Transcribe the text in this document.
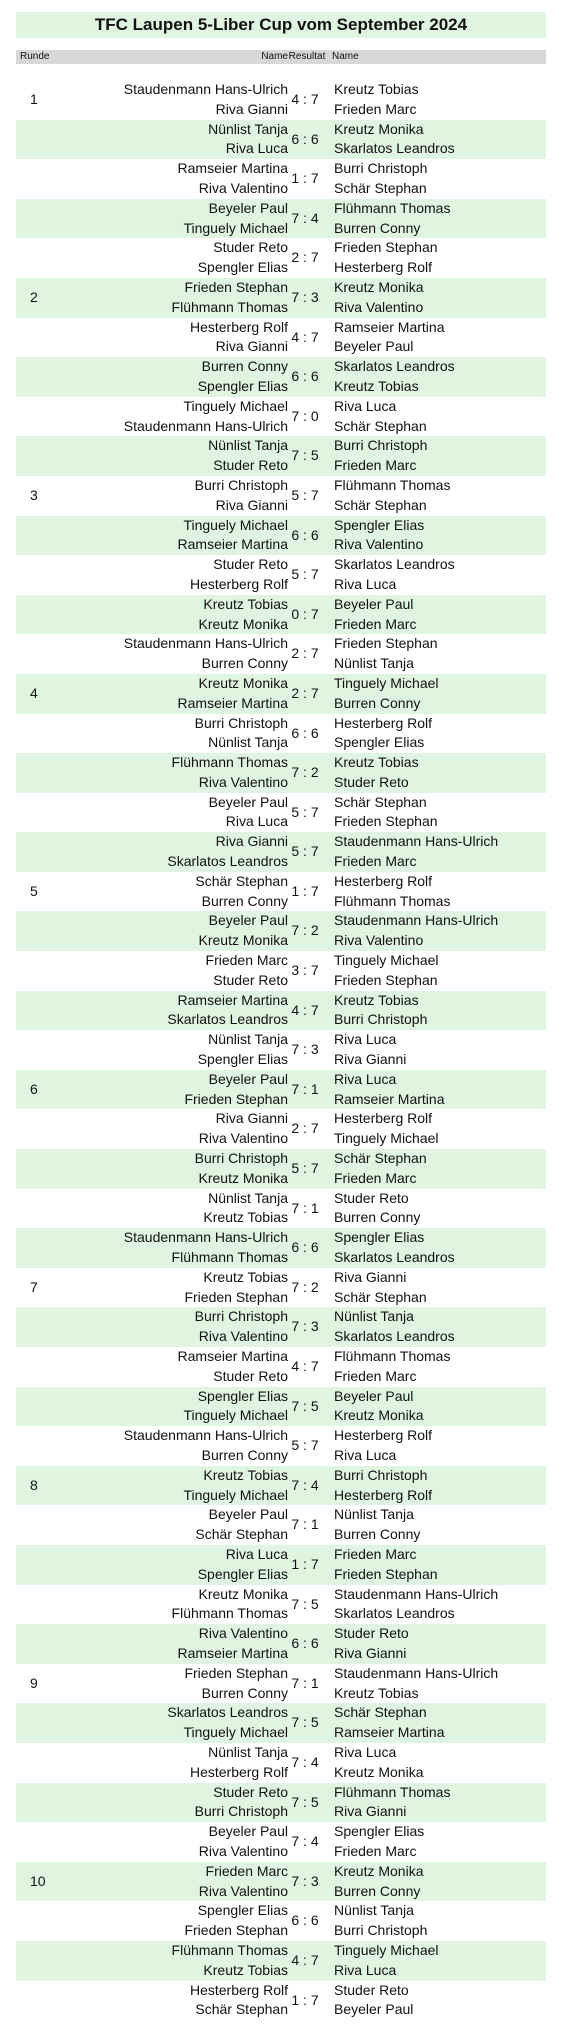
TFC Laupen 5-Liber Cup vom September 2024
Runde	Name Resultat Name
1
Staudenmann Hans-Ulrich
Riva Gianni
4 : 7
Kreutz Tobias
Frieden Marc
Nünlist Tanja
Riva Luca
6 : 6
Kreutz Monika
Skarlatos Leandros
Ramseier Martina
Riva Valentino
1 : 7
Burri Christoph
Schär Stephan
Beyeler Paul
Tinguely Michael
7 : 4
Flühmann Thomas
Burren Conny
Studer Reto
Spengler Elias
2 : 7
Frieden Stephan
Hesterberg Rolf
2
Frieden Stephan
Flühmann Thomas
7 : 3
Kreutz Monika
Riva Valentino
Hesterberg Rolf
Riva Gianni
4 : 7
Ramseier Martina
Beyeler Paul
Burren Conny
Spengler Elias
6 : 6
Skarlatos Leandros
Kreutz Tobias
Tinguely Michael
Staudenmann Hans-Ulrich
7 : 0
Riva Luca
Schär Stephan
Nünlist Tanja
Studer Reto
7 : 5
Burri Christoph
Frieden Marc
3
Burri Christoph
Riva Gianni
5 : 7
Flühmann Thomas
Schär Stephan
Tinguely Michael
Ramseier Martina
6 : 6
Spengler Elias
Riva Valentino
Studer Reto
Hesterberg Rolf
5 : 7
Skarlatos Leandros
Riva Luca
Kreutz Tobias
Kreutz Monika
0 : 7
Beyeler Paul
Frieden Marc
Staudenmann Hans-Ulrich
Burren Conny
2 : 7
Frieden Stephan
Nünlist Tanja
4
Kreutz Monika
Ramseier Martina
2 : 7
Tinguely Michael
Burren Conny
Burri Christoph
Nünlist Tanja
6 : 6
Hesterberg Rolf
Spengler Elias
Flühmann Thomas
Riva Valentino
7 : 2
Kreutz Tobias
Studer Reto
Beyeler Paul
Riva Luca
5 : 7
Schär Stephan
Frieden Stephan
Riva Gianni
Skarlatos Leandros
5 : 7
Staudenmann Hans-Ulrich
Frieden Marc
5
Schär Stephan
Burren Conny
1 : 7
Hesterberg Rolf
Flühmann Thomas
Beyeler Paul
Kreutz Monika
7 : 2
Staudenmann Hans-Ulrich
Riva Valentino
Frieden Marc
Studer Reto
3 : 7
Tinguely Michael
Frieden Stephan
Ramseier Martina
Skarlatos Leandros
4 : 7
Kreutz Tobias
Burri Christoph
Nünlist Tanja
Spengler Elias
7 : 3
Riva Luca
Riva Gianni
6
Beyeler Paul
Frieden Stephan
7 : 1
Riva Luca
Ramseier Martina
Riva Gianni
Riva Valentino
2 : 7
Hesterberg Rolf
Tinguely Michael
Burri Christoph
Kreutz Monika
5 : 7
Schär Stephan
Frieden Marc
Nünlist Tanja
Kreutz Tobias
7 : 1
Studer Reto
Burren Conny
Staudenmann Hans-Ulrich
Flühmann Thomas
6 : 6
Spengler Elias
Skarlatos Leandros
7
Kreutz Tobias
Frieden Stephan
7 : 2
Riva Gianni
Schär Stephan
Burri Christoph
Riva Valentino
7 : 3
Nünlist Tanja
Skarlatos Leandros
Ramseier Martina
Studer Reto
4 : 7
Flühmann Thomas
Frieden Marc
Spengler Elias
Tinguely Michael
7 : 5
Beyeler Paul
Kreutz Monika
Staudenmann Hans-Ulrich
Burren Conny
5 : 7
Hesterberg Rolf
Riva Luca
8
Kreutz Tobias
Tinguely Michael
7 : 4
Burri Christoph
Hesterberg Rolf
Beyeler Paul
Schär Stephan
7 : 1
Nünlist Tanja
Burren Conny
Riva Luca
Spengler Elias
1 : 7
Frieden Marc
Frieden Stephan
Kreutz Monika
Flühmann Thomas
7 : 5
Staudenmann Hans-Ulrich
Skarlatos Leandros
Riva Valentino
Ramseier Martina
6 : 6
Studer Reto
Riva Gianni
9
Frieden Stephan
Burren Conny
7 : 1
Staudenmann Hans-Ulrich
Kreutz Tobias
Skarlatos Leandros
Tinguely Michael
7 : 5
Schär Stephan
Ramseier Martina
Nünlist Tanja
Hesterberg Rolf
7 : 4
Riva Luca
Kreutz Monika
Studer Reto
Burri Christoph
7 : 5
Flühmann Thomas
Riva Gianni
Beyeler Paul
Riva Valentino
7 : 4
Spengler Elias
Frieden Marc
10
Frieden Marc
Riva Valentino
7 : 3
Kreutz Monika
Burren Conny
Spengler Elias
Frieden Stephan
6 : 6
Nünlist Tanja
Burri Christoph
Flühmann Thomas
Kreutz Tobias
4 : 7
Tinguely Michael
Riva Luca
Hesterberg Rolf
Schär Stephan
1 : 7
Studer Reto
Beyeler Paul
